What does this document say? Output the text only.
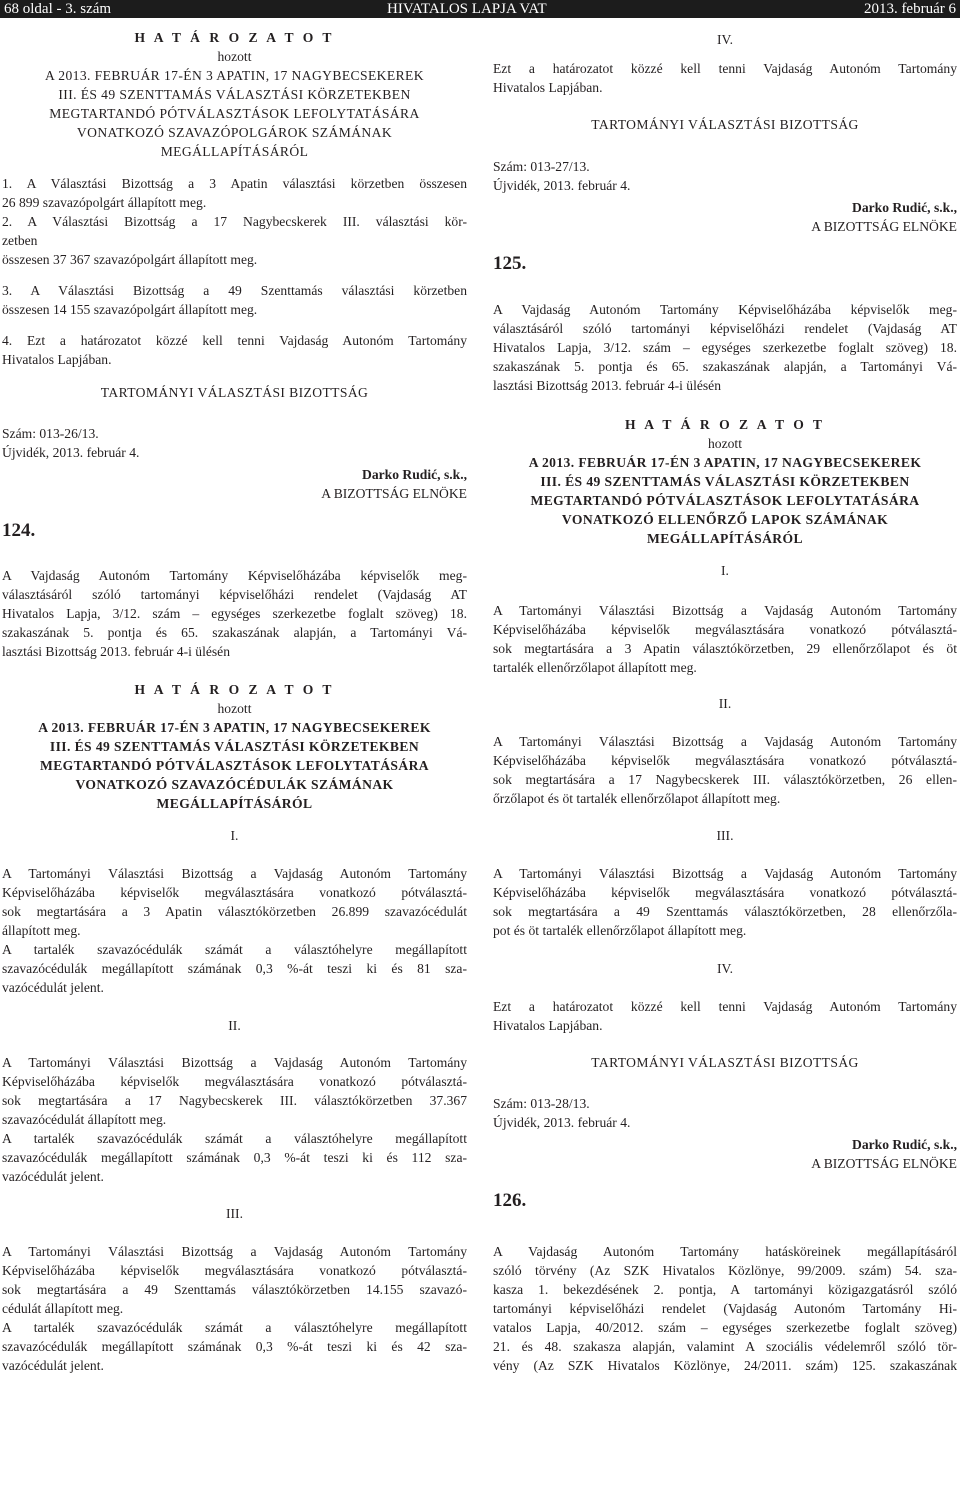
68 oldal - 3. szám	HIVATALOS LAPJA VAT	2013. február 6
H A T Á R O Z A T O T
hozott
A 2013. FEBRUÁR 17-ÉN 3 APATIN, 17 NAGYBECSEKEREK
III. ÉS 49 SZENTTAMÁS VÁLASZTÁSI KÖRZETEKBEN
MEGTARTANDÓ PÓTVÁLASZTÁSOK LEFOLYTATÁSÁRA
VONATKOZÓ SZAVAZÓPOLGÁROK SZÁMÁNAK
MEGÁLLAPÍTÁSÁRÓL
1. A Választási Bizottság a 3 Apatin választási körzetben összesen
26 899 szavazópolgárt állapított meg.
2. A Választási Bizottság a 17 Nagybecskerek III. választási kör-
zetben
összesen 37 367 szavazópolgárt állapított meg.
3. A Választási Bizottság a 49 Szenttamás választási körzetben
összesen 14 155 szavazópolgárt állapított meg.
4. Ezt a határozatot közzé kell tenni Vajdaság Autonóm Tartomány
Hivatalos Lapjában.
TARTOMÁNYI VÁLASZTÁSI BIZOTTSÁG
Szám: 013-26/13.
Újvidék, 2013. február 4.
Darko Rudić, s.k.,
A BIZOTTSÁG ELNÖKE
124.
A Vajdaság Autonóm Tartomány Képviselőházába képviselők meg-
választásáról szóló tartományi képviselőházi rendelet (Vajdaság AT
Hivatalos Lapja, 3/12. szám – egységes szerkezetbe foglalt szöveg) 18.
szakaszának 5. pontja és 65. szakaszának alapján, a Tartományi Vá-
lasztási Bizottság 2013. február 4-i ülésén
H A T Á R O Z A T O T
hozott
A 2013. FEBRUÁR 17-ÉN 3 APATIN, 17 NAGYBECSEKEREK
III. ÉS 49 SZENTTAMÁS VÁLASZTÁSI KÖRZETEKBEN
MEGTARTANDÓ PÓTVÁLASZTÁSOK LEFOLYTATÁSÁRA
VONATKOZÓ SZAVAZÓCÉDULÁK SZÁMÁNAK
MEGÁLLAPÍTÁSÁRÓL
I.
A Tartományi Választási Bizottság a Vajdaság Autonóm Tartomány
Képviselőházába képviselők megválasztására vonatkozó pótválasztá-
sok megtartására a 3 Apatin választókörzetben 26.899 szavazócédulát
állapított meg.
A tartalék szavazócédulák számát a választóhelyre megállapított
szavazócédulák megállapított számának 0,3 %-át teszi ki és 81 sza-
vazócédulát jelent.
II.
A Tartományi Választási Bizottság a Vajdaság Autonóm Tartomány
Képviselőházába képviselők megválasztására vonatkozó pótválasztá-
sok megtartására a 17 Nagybecskerek III. választókörzetben 37.367
szavazócédulát állapított meg.
A tartalék szavazócédulák számát a választóhelyre megállapított
szavazócédulák megállapított számának 0,3 %-át teszi ki és 112 sza-
vazócédulát jelent.
III.
A Tartományi Választási Bizottság a Vajdaság Autonóm Tartomány
Képviselőházába képviselők megválasztására vonatkozó pótválasztá-
sok megtartására a 49 Szenttamás választókörzetben 14.155 szavazó-
cédulát állapított meg.
A tartalék szavazócédulák számát a választóhelyre megállapított
szavazócédulák megállapított számának 0,3 %-át teszi ki és 42 sza-
vazócédulát jelent.
IV.
Ezt a határozatot közzé kell tenni Vajdaság Autonóm Tartomány
Hivatalos Lapjában.
TARTOMÁNYI VÁLASZTÁSI BIZOTTSÁG
Szám: 013-27/13.
Újvidék, 2013. február 4.
Darko Rudić, s.k.,
A BIZOTTSÁG ELNÖKE
125.
A Vajdaság Autonóm Tartomány Képviselőházába képviselők meg-
választásáról szóló tartományi képviselőházi rendelet (Vajdaság AT
Hivatalos Lapja, 3/12. szám – egységes szerkezetbe foglalt szöveg) 18.
szakaszának 5. pontja és 65. szakaszának alapján, a Tartományi Vá-
lasztási Bizottság 2013. február 4-i ülésén
H A T Á R O Z A T O T
hozott
A 2013. FEBRUÁR 17-ÉN 3 APATIN, 17 NAGYBECSEKEREK
III. ÉS 49 SZENTTAMÁS VÁLASZTÁSI KÖRZETEKBEN
MEGTARTANDÓ PÓTVÁLASZTÁSOK LEFOLYTATÁSÁRA
VONATKOZÓ ELLENŐRZŐ LAPOK SZÁMÁNAK
MEGÁLLAPÍTÁSÁRÓL
I.
A Tartományi Választási Bizottság a Vajdaság Autonóm Tartomány
Képviselőházába képviselők megválasztására vonatkozó pótválasztá-
sok megtartására a 3 Apatin választókörzetben, 29 ellenőrzőlapot és öt
tartalék ellenőrzőlapot állapított meg.
II.
A Tartományi Választási Bizottság a Vajdaság Autonóm Tartomány
Képviselőházába képviselők megválasztására vonatkozó pótválasztá-
sok megtartására a 17 Nagybecskerek III. választókörzetben, 26 ellen-
őrzőlapot és öt tartalék ellenőrzőlapot állapított meg.
III.
A Tartományi Választási Bizottság a Vajdaság Autonóm Tartomány
Képviselőházába képviselők megválasztására vonatkozó pótválasztá-
sok megtartására a 49 Szenttamás választókörzetben, 28 ellenőrzőla-
pot és öt tartalék ellenőrzőlapot állapított meg.
IV.
Ezt a határozatot közzé kell tenni Vajdaság Autonóm Tartomány
Hivatalos Lapjában.
TARTOMÁNYI VÁLASZTÁSI BIZOTTSÁG
Szám: 013-28/13.
Újvidék, 2013. február 4.
Darko Rudić, s.k.,
A BIZOTTSÁG ELNÖKE
126.
A Vajdaság Autonóm Tartomány hatásköreinek megállapításáról
szóló törvény (Az SZK Hivatalos Közlönye, 99/2009. szám) 54. sza-
kasza 1. bekezdésének 2. pontja, A tartományi közigazgatásról szóló
tartományi képviselőházi rendelet (Vajdaság Autonóm Tartomány Hi-
vatalos Lapja, 40/2012. szám – egységes szerkezetbe foglalt szöveg)
21. és 48. szakasza alapján, valamint A szociális védelemről szóló tör-
vény (Az SZK Hivatalos Közlönye, 24/2011. szám) 125. szakaszának
